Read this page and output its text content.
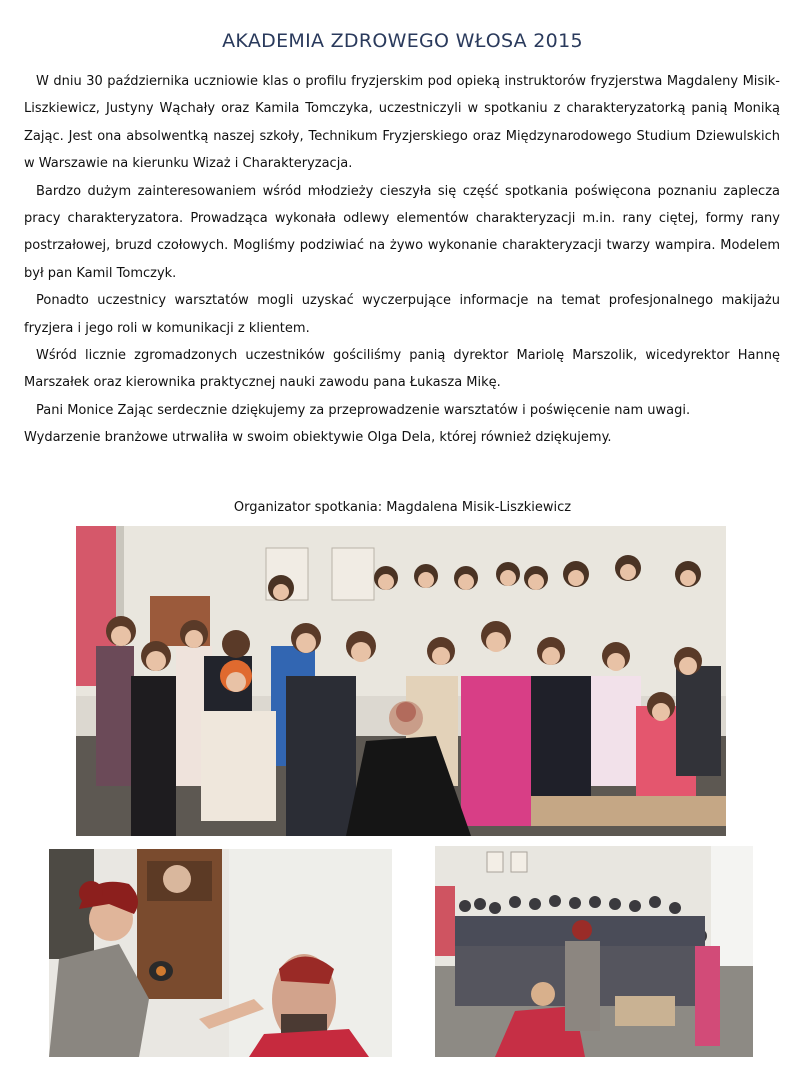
AKADEMIA ZDROWEGO WŁOSA 2015

W dniu 30 października uczniowie klas o profilu fryzjerskim pod opieką instruktorów fryzjerstwa Magdaleny Misik-Liszkiewicz, Justyny Wąchały oraz Kamila Tomczyka, uczestniczyli w spotkaniu z charakteryzatorką panią Moniką Zając. Jest ona absolwentką naszej szkoły, Technikum Fryzjerskiego oraz Międzynarodowego Studium Dziewulskich w Warszawie na kierunku Wizaż i Charakteryzacja.

Bardzo dużym zainteresowaniem wśród młodzieży cieszyła się część spotkania poświęcona poznaniu zaplecza pracy charakteryzatora. Prowadząca wykonała odlewy elementów charakteryzacji m.in. rany ciętej, formy rany postrzałowej, bruzd czołowych. Mogliśmy podziwiać na żywo wykonanie charakteryzacji twarzy wampira. Modelem był pan Kamil Tomczyk.

Ponadto uczestnicy warsztatów mogli uzyskać wyczerpujące informacje na temat profesjonalnego makijażu fryzjera i jego roli w komunikacji z klientem.

Wśród licznie zgromadzonych uczestników gościliśmy panią dyrektor Mariolę Marszolik, wicedyrektor Hannę Marszałek oraz kierownika praktycznej nauki zawodu pana Łukasza Mikę.

Pani Monice Zając serdecznie dziękujemy za przeprowadzenie warsztatów i poświęcenie nam uwagi.

Wydarzenie branżowe utrwaliła w swoim obiektywie Olga Dela, której również dziękujemy.

Organizator spotkania: Magdalena Misik-Liszkiewicz
